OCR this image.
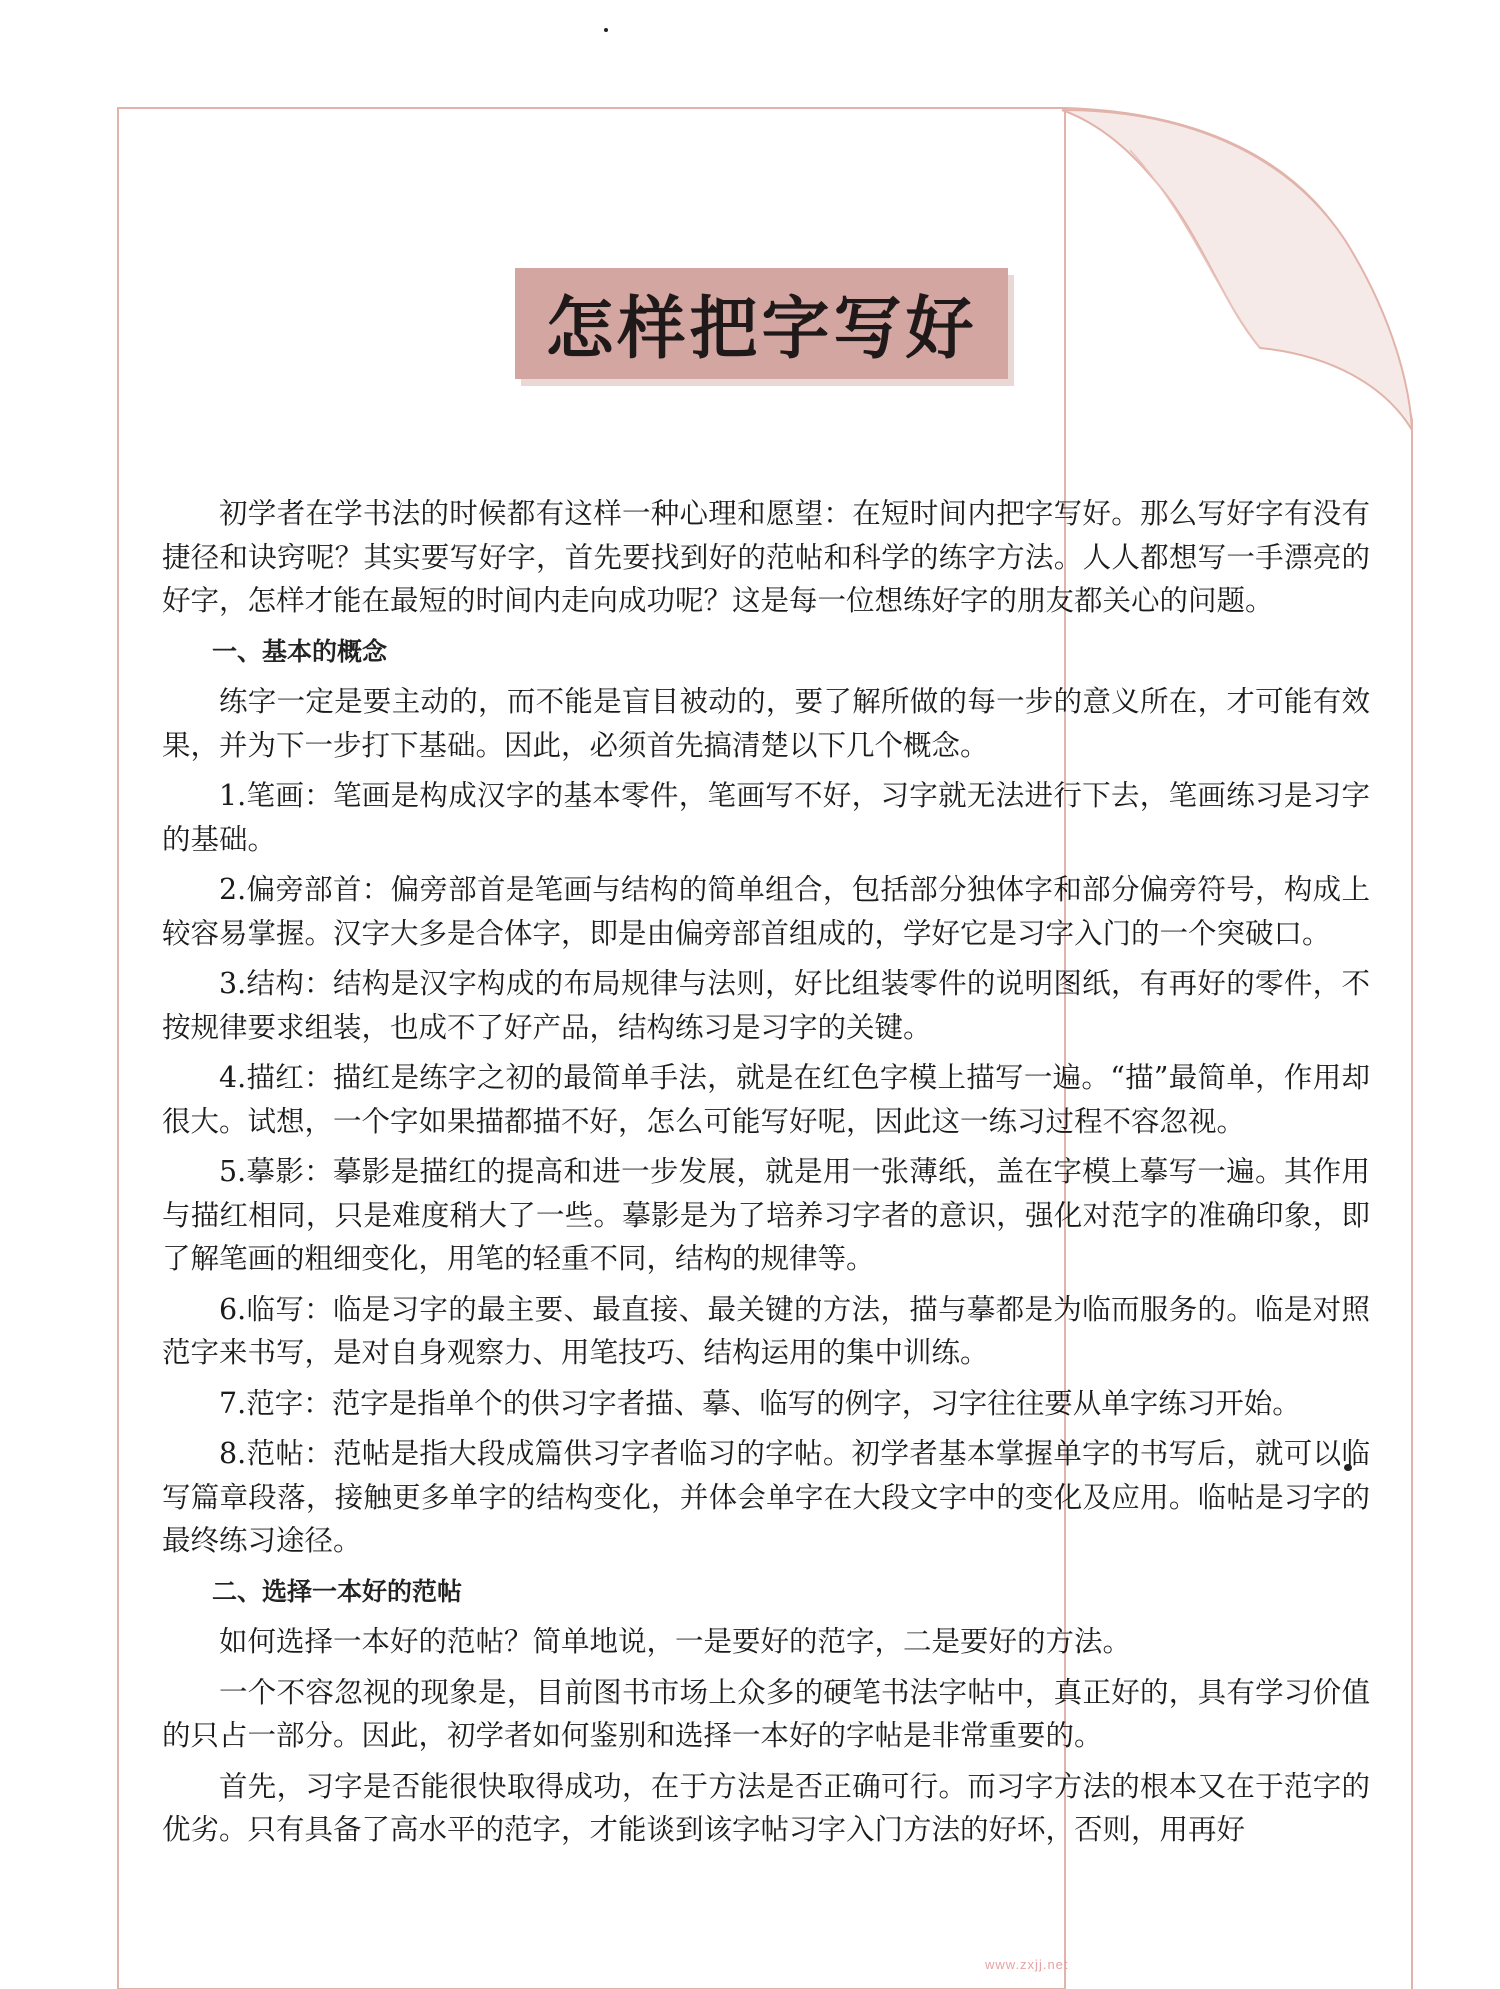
怎样把字写好

初学者在学书法的时候都有这样一种心理和愿望：在短时间内把字写好。那么写好字有没有捷径和诀窍呢？其实要写好字，首先要找到好的范帖和科学的练字方法。人人都想写一手漂亮的好字，怎样才能在最短的时间内走向成功呢？这是每一位想练好字的朋友都关心的问题。

一、基本的概念

练字一定是要主动的，而不能是盲目被动的，要了解所做的每一步的意义所在，才可能有效果，并为下一步打下基础。因此，必须首先搞清楚以下几个概念。

1.笔画：笔画是构成汉字的基本零件，笔画写不好，习字就无法进行下去，笔画练习是习字的基础。

2.偏旁部首：偏旁部首是笔画与结构的简单组合，包括部分独体字和部分偏旁符号，构成上较容易掌握。汉字大多是合体字，即是由偏旁部首组成的，学好它是习字入门的一个突破口。

3.结构：结构是汉字构成的布局规律与法则，好比组装零件的说明图纸，有再好的零件，不按规律要求组装，也成不了好产品，结构练习是习字的关键。

4.描红：描红是练字之初的最简单手法，就是在红色字模上描写一遍。“描”最简单，作用却很大。试想，一个字如果描都描不好，怎么可能写好呢，因此这一练习过程不容忽视。

5.摹影：摹影是描红的提高和进一步发展，就是用一张薄纸，盖在字模上摹写一遍。其作用与描红相同，只是难度稍大了一些。摹影是为了培养习字者的意识，强化对范字的准确印象，即了解笔画的粗细变化，用笔的轻重不同，结构的规律等。

6.临写：临是习字的最主要、最直接、最关键的方法，描与摹都是为临而服务的。临是对照范字来书写，是对自身观察力、用笔技巧、结构运用的集中训练。

7.范字：范字是指单个的供习字者描、摹、临写的例字，习字往往要从单字练习开始。

8.范帖：范帖是指大段成篇供习字者临习的字帖。初学者基本掌握单字的书写后，就可以临写篇章段落，接触更多单字的结构变化，并体会单字在大段文字中的变化及应用。临帖是习字的最终练习途径。

二、选择一本好的范帖

如何选择一本好的范帖？简单地说，一是要好的范字，二是要好的方法。

一个不容忽视的现象是，目前图书市场上众多的硬笔书法字帖中，真正好的，具有学习价值的只占一部分。因此，初学者如何鉴别和选择一本好的字帖是非常重要的。

首先，习字是否能很快取得成功，在于方法是否正确可行。而习字方法的根本又在于范字的优劣。只有具备了高水平的范字，才能谈到该字帖习字入门方法的好坏，否则，用再好

www.zxjj.net
